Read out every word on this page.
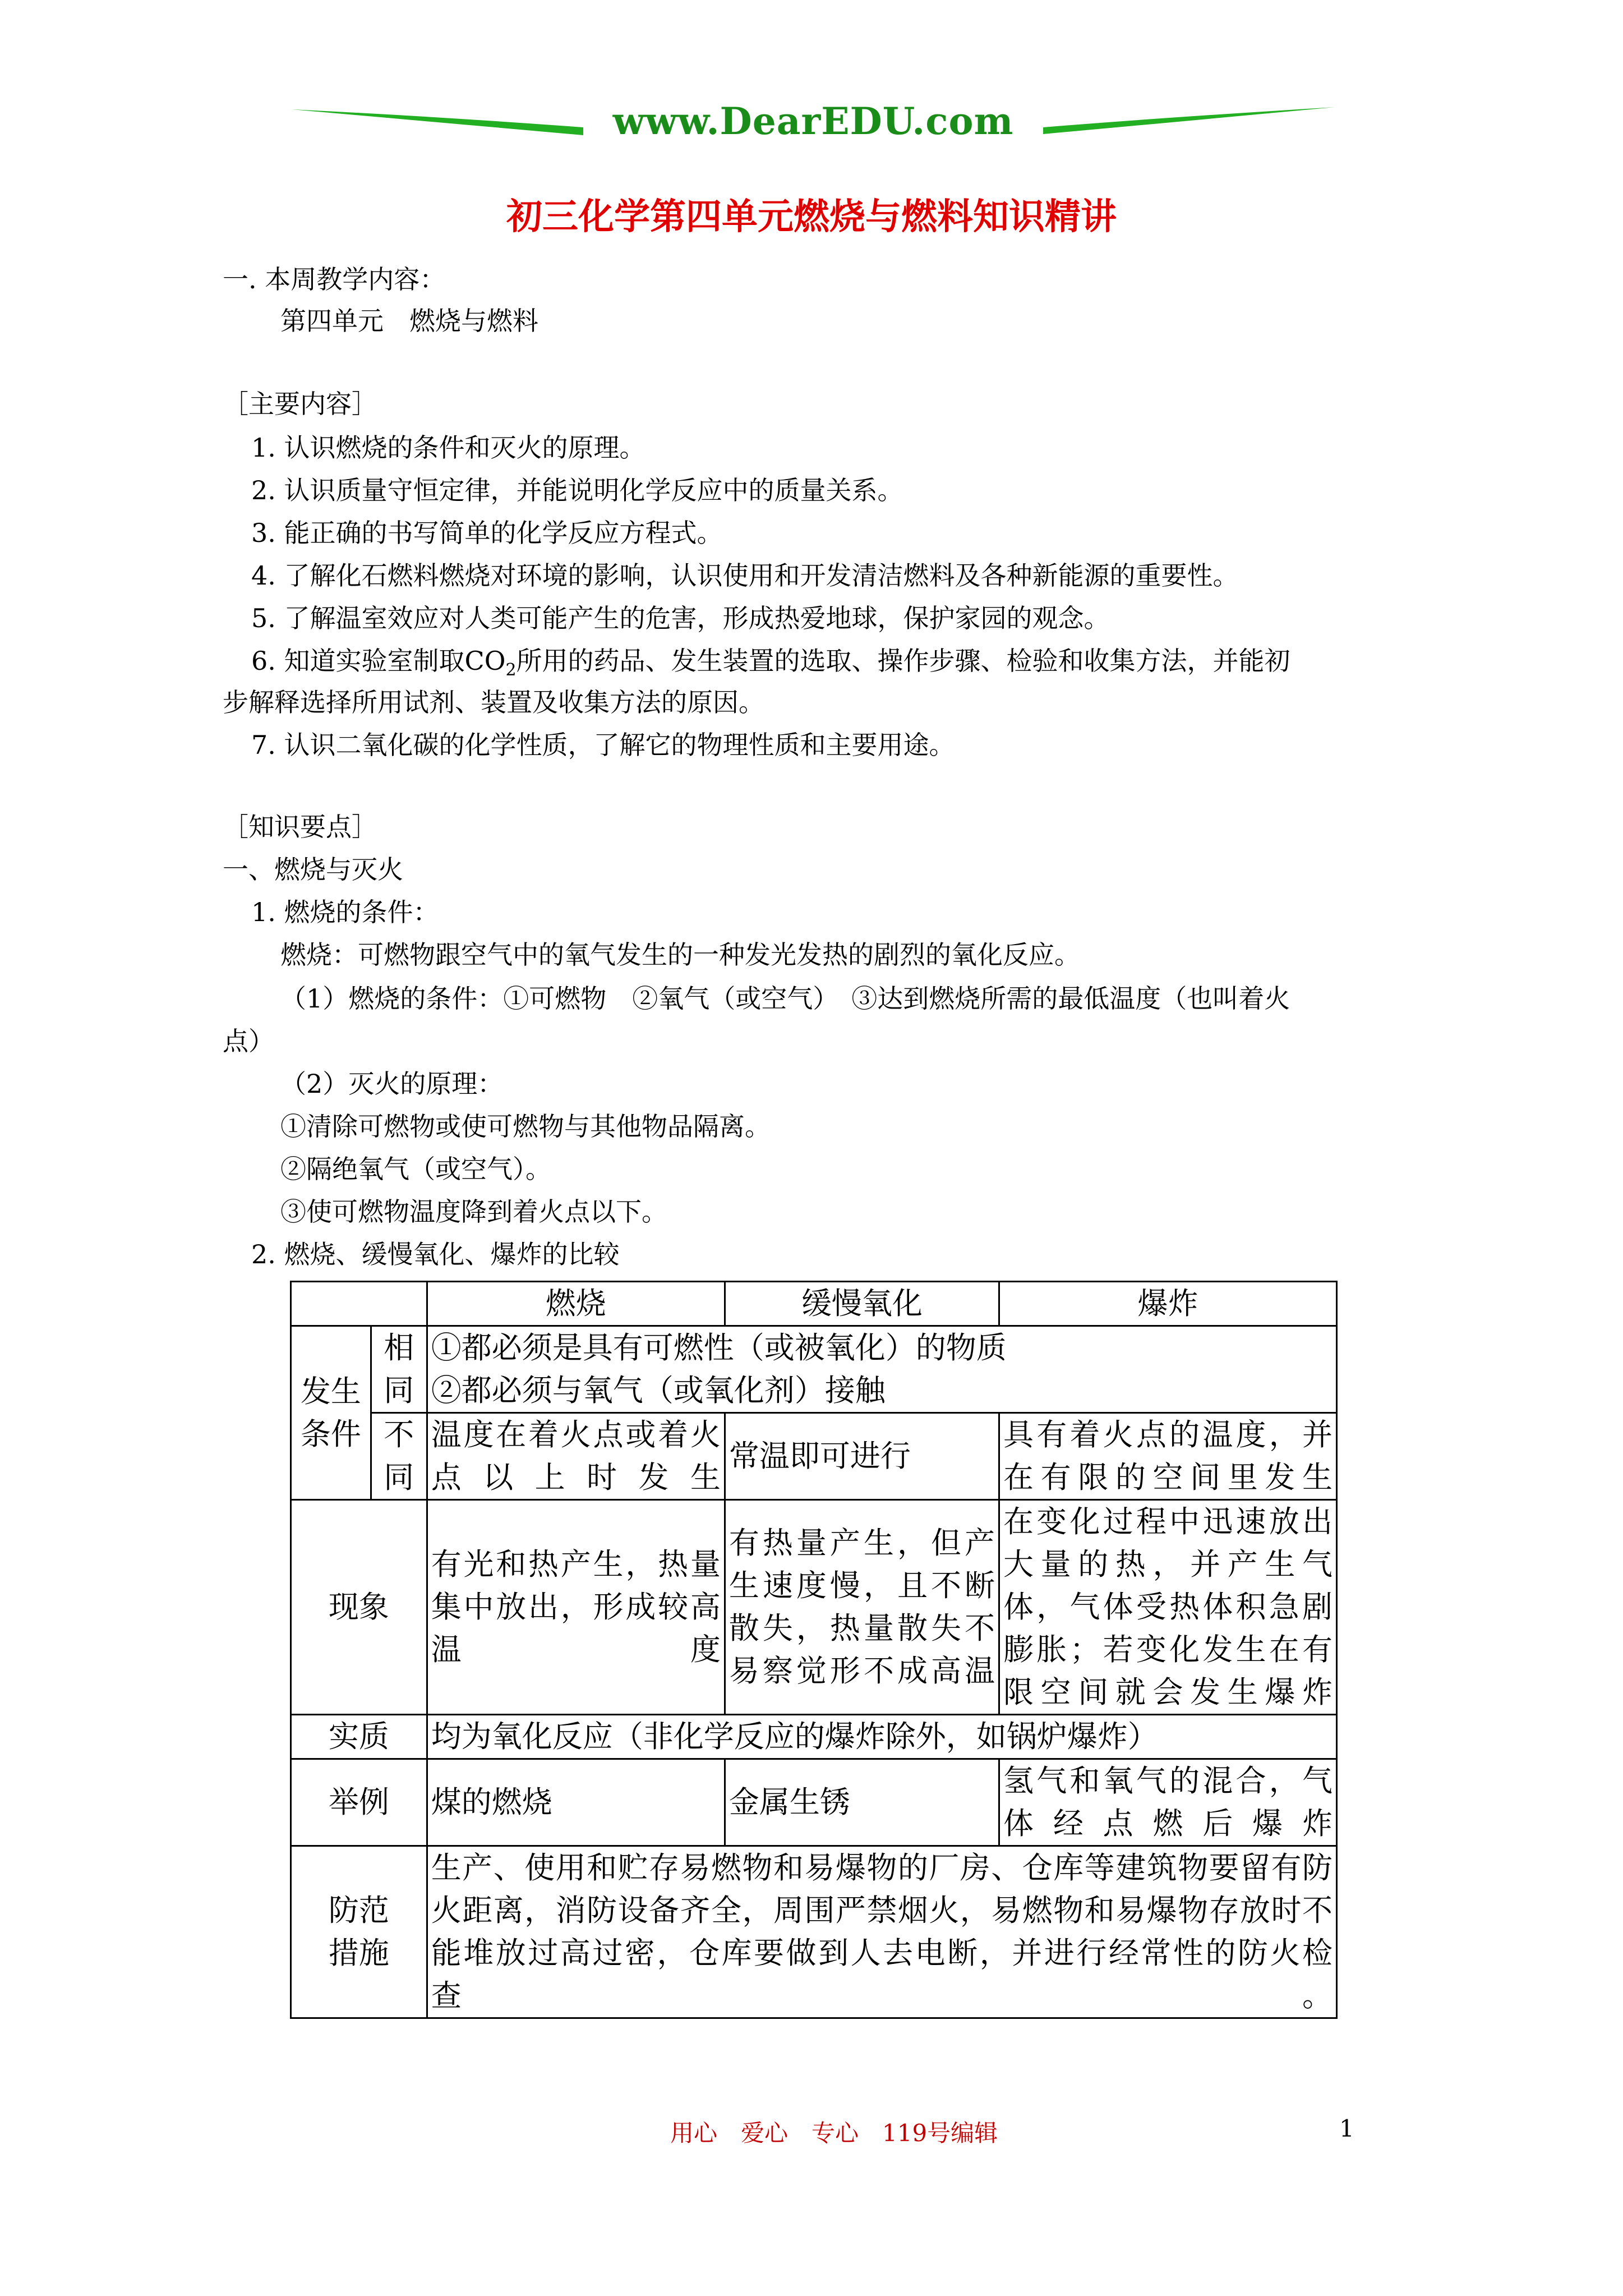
www.DearEDU.com
初三化学第四单元燃烧与燃料知识精讲
一. 本周教学内容：
第四单元　燃烧与燃料
［主要内容］
1. 认识燃烧的条件和灭火的原理。
2. 认识质量守恒定律，并能说明化学反应中的质量关系。
3. 能正确的书写简单的化学反应方程式。
4. 了解化石燃料燃烧对环境的影响，认识使用和开发清洁燃料及各种新能源的重要性。
5. 了解温室效应对人类可能产生的危害，形成热爱地球，保护家园的观念。
6. 知道实验室制取$CO_2$所用的药品、发生装置的选取、操作步骤、检验和收集方法，并能初
步解释选择所用试剂、装置及收集方法的原因。
7. 认识二氧化碳的化学性质，了解它的物理性质和主要用途。
［知识要点］
一、燃烧与灭火
1. 燃烧的条件：
燃烧：可燃物跟空气中的氧气发生的一种发光发热的剧烈的氧化反应。
（1）燃烧的条件：①可燃物　②氧气（或空气）　③达到燃烧所需的最低温度（也叫着火
点）
（2）灭火的原理：
①清除可燃物或使可燃物与其他物品隔离。
②隔绝氧气（或空气）。
③使可燃物温度降到着火点以下。
2. 燃烧、缓慢氧化、爆炸的比较
		燃烧	缓慢氧化	爆炸
发生条件	相同	①都必须是具有可燃性（或被氧化）的物质
②都必须与氧气（或氧化剂）接触		

	不同	温度在着火点或着火点以上时发生	常温即可进行	具有着火点的温度，并在有限的空间里发生
现象		有光和热产生，热量集中放出，形成较高温度	有热量产生，但产生速度慢，且不断散失，热量散失不易察觉形不成高温	在变化过程中迅速放出大量的热，并产生气体，气体受热体积急剧膨胀；若变化发生在有限空间就会发生爆炸
实质		均为氧化反应（非化学反应的爆炸除外，如锅炉爆炸）		
举例		煤的燃烧	金属生锈	氢气和氧气的混合，气体经点燃后爆炸
防范措施		生产、使用和贮存易燃物和易爆物的厂房、仓库等建筑物要留有防火距离，消防设备齐全，周围严禁烟火，易燃物和易爆物存放时不能堆放过高过密，仓库要做到人去电断，并进行经常性的防火检查。		
用心　爱心　专心　119号编辑	1
